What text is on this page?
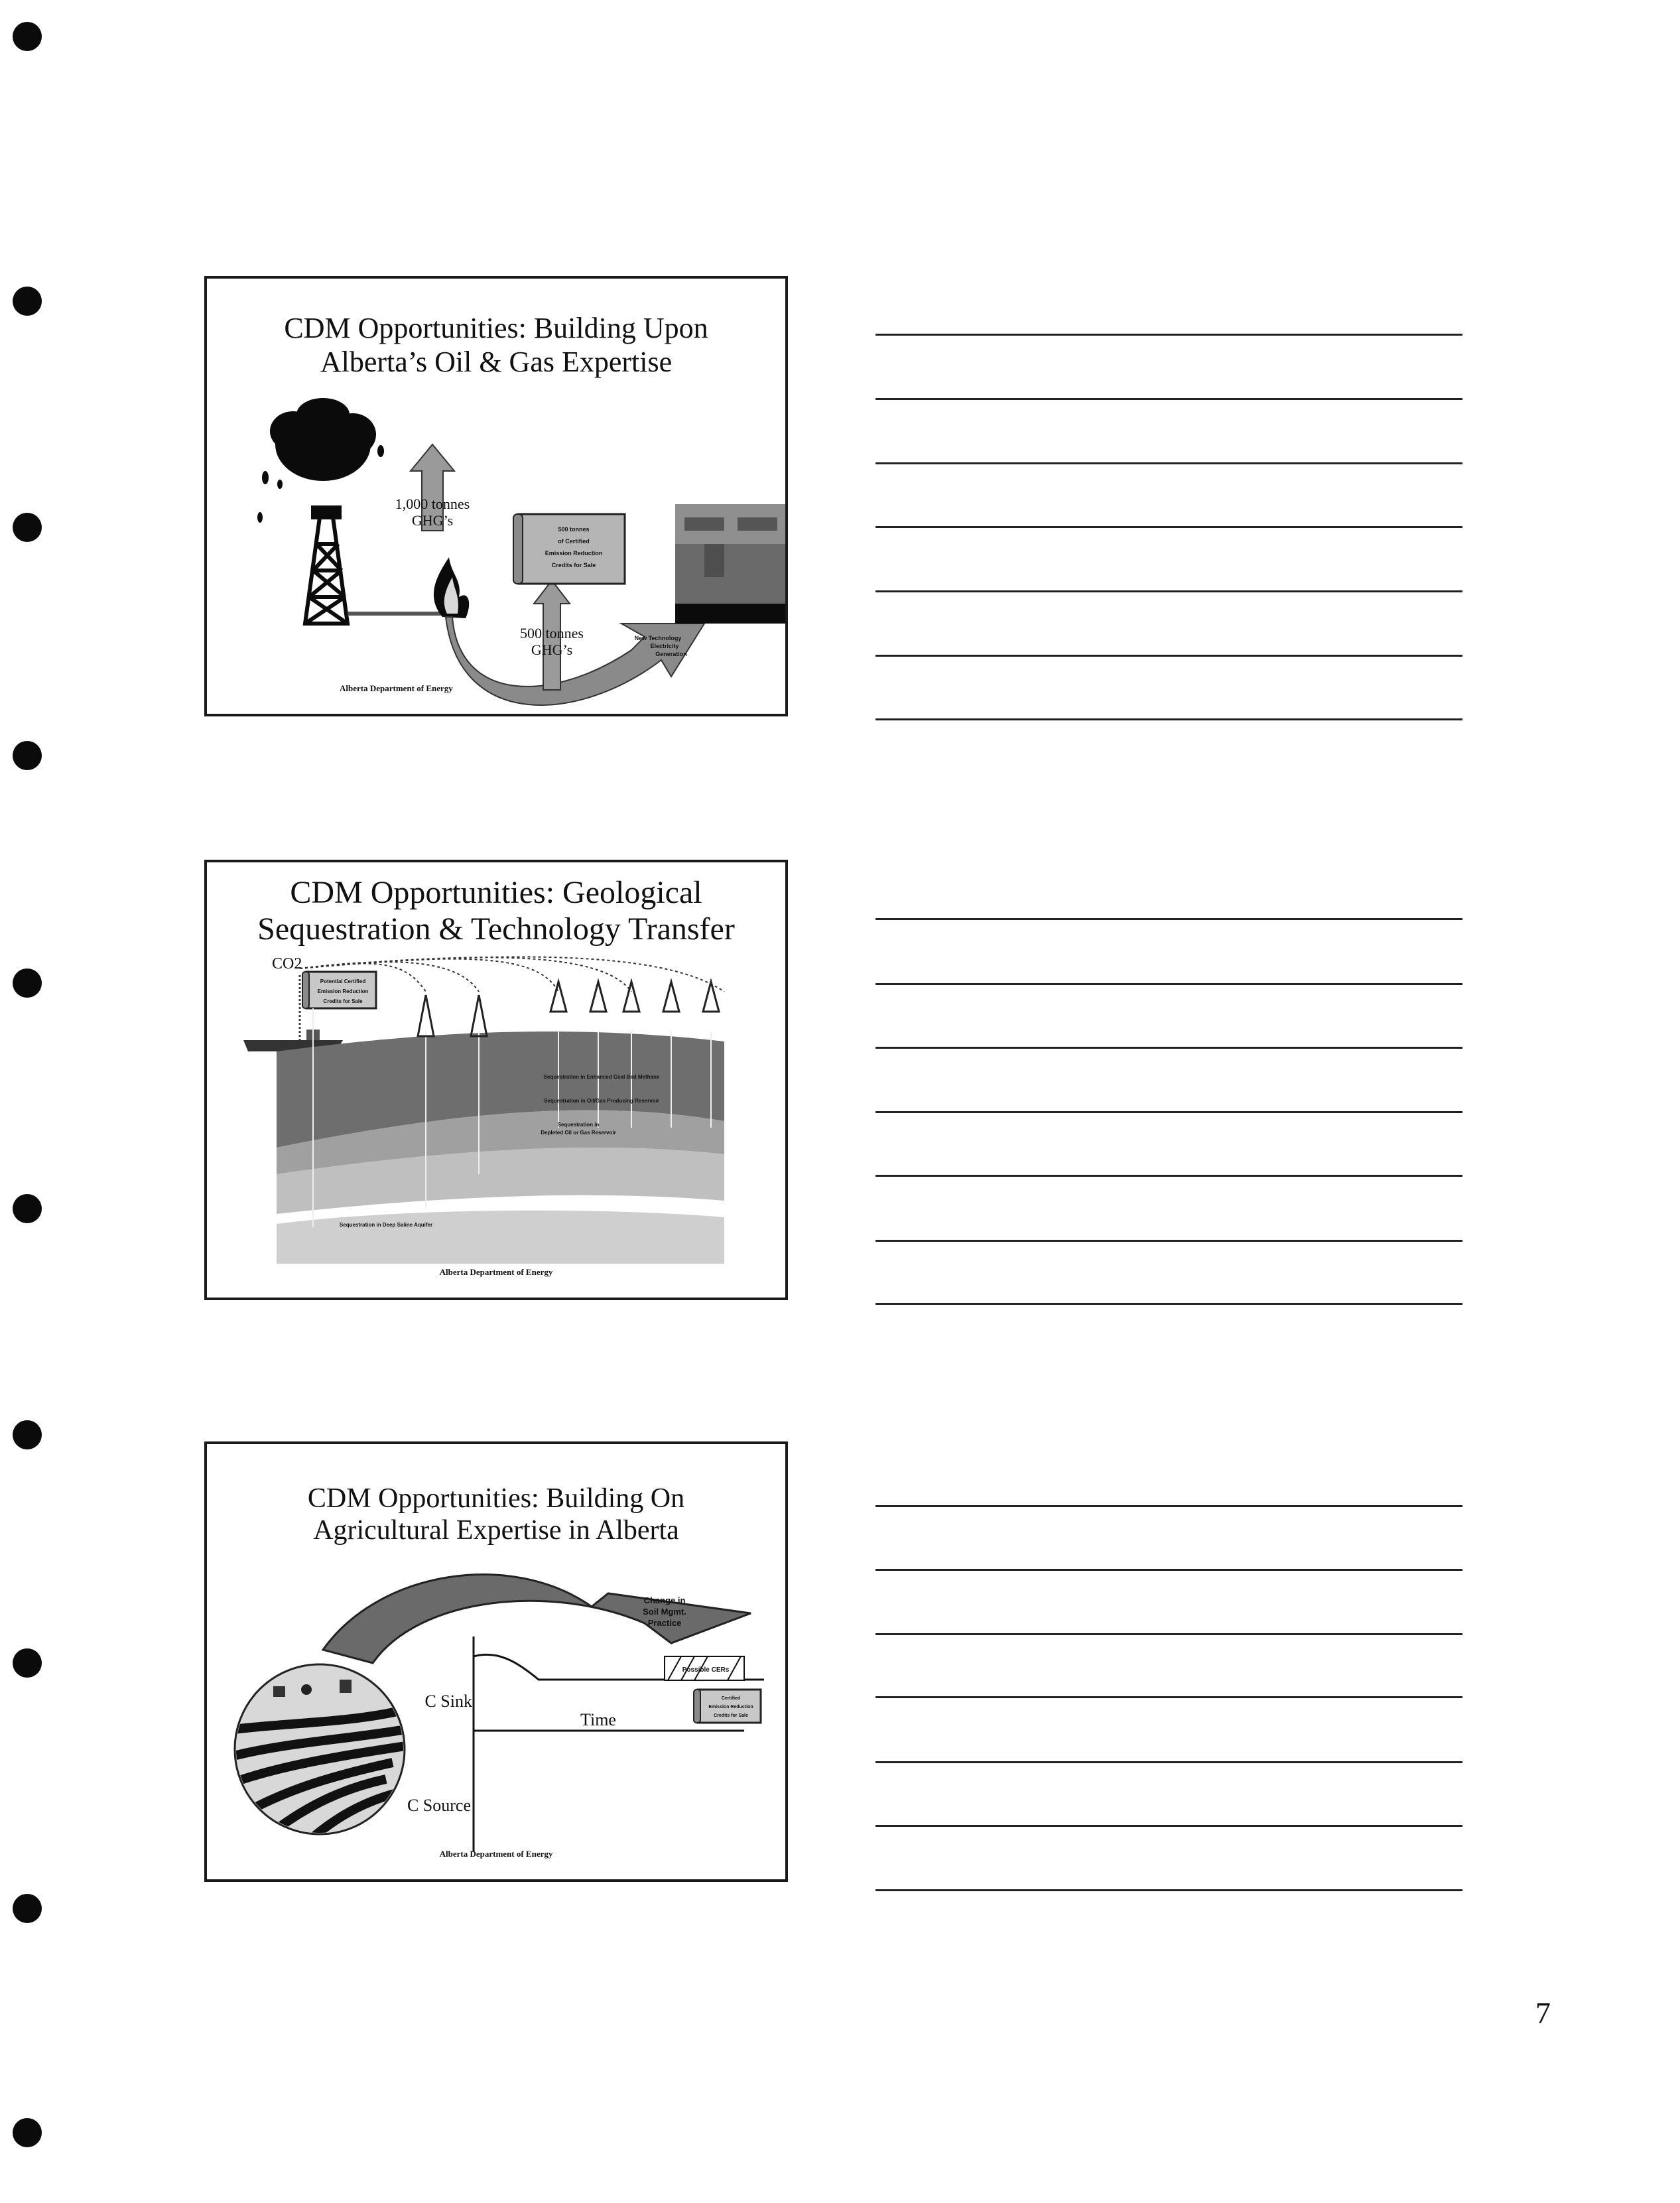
CDM Opportunities: Building Upon
Alberta’s Oil & Gas Expertise
1,000 tonnes
GHG’s
500 tonnes
GHG’s
500 tonnes
of Certified
Emission Reduction
Credits for Sale
New Technology
Electricity
Generation
Alberta Department of Energy
CDM Opportunities: Geological
Sequestration & Technology Transfer
CO2
Potential Certified
Emission Reduction
Credits for Sale
Sequestration in Enhanced Coal Bed Methane
Sequestration in Oil/Gas Producing Reservoir
Sequestration in
Depleted Oil or Gas Reservoir
Sequestration in Deep Saline Aquifer
Alberta Department of Energy
CDM Opportunities: Building On
Agricultural Expertise in Alberta
Change in
Soil Mgmt.
Practice
Possible CERs
Certified
Emission Reduction
Credits for Sale
C Sink
C Source
Time
Alberta Department of Energy
7
